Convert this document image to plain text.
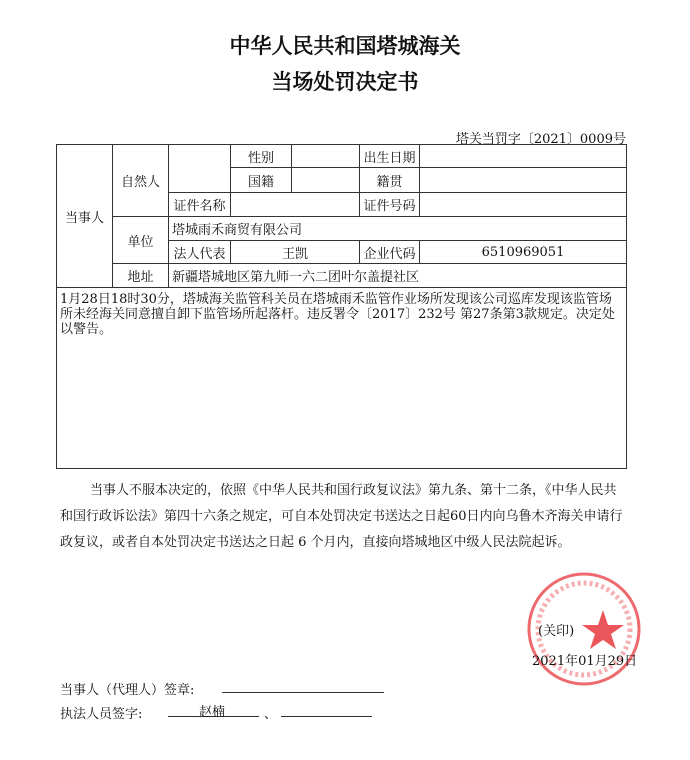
中华人民共和国塔城海关
当场处罚决定书
塔关当罚字〔2021〕0009号
当事人
自然人
性别	出生日期
国籍	籍贯
证件名称	证件号码
单位
塔城雨禾商贸有限公司
法人代表	王凯	企业代码	6510969051
地址	新疆塔城地区第九师一六二团叶尔盖提社区
1月28日18时30分，塔城海关监管科关员在塔城雨禾监管作业场所发现该公司巡库发现该监管场所未经海关同意擅自卸下监管场所起落杆。违反署令〔2017〕232号 第27条第3款规定。决定处以警告。
当事人不服本决定的，依照《中华人民共和国行政复议法》第九条、第十二条，《中华人民共和国行政诉讼法》第四十六条之规定，可自本处罚决定书送达之日起60日内向乌鲁木齐海关申请行政复议，或者自本处罚决定书送达之日起 6 个月内，直接向塔城地区中级人民法院起诉。
(关印)
2021年01月29日
当事人（代理人）签章:
执法人员签字:	赵楠	、
